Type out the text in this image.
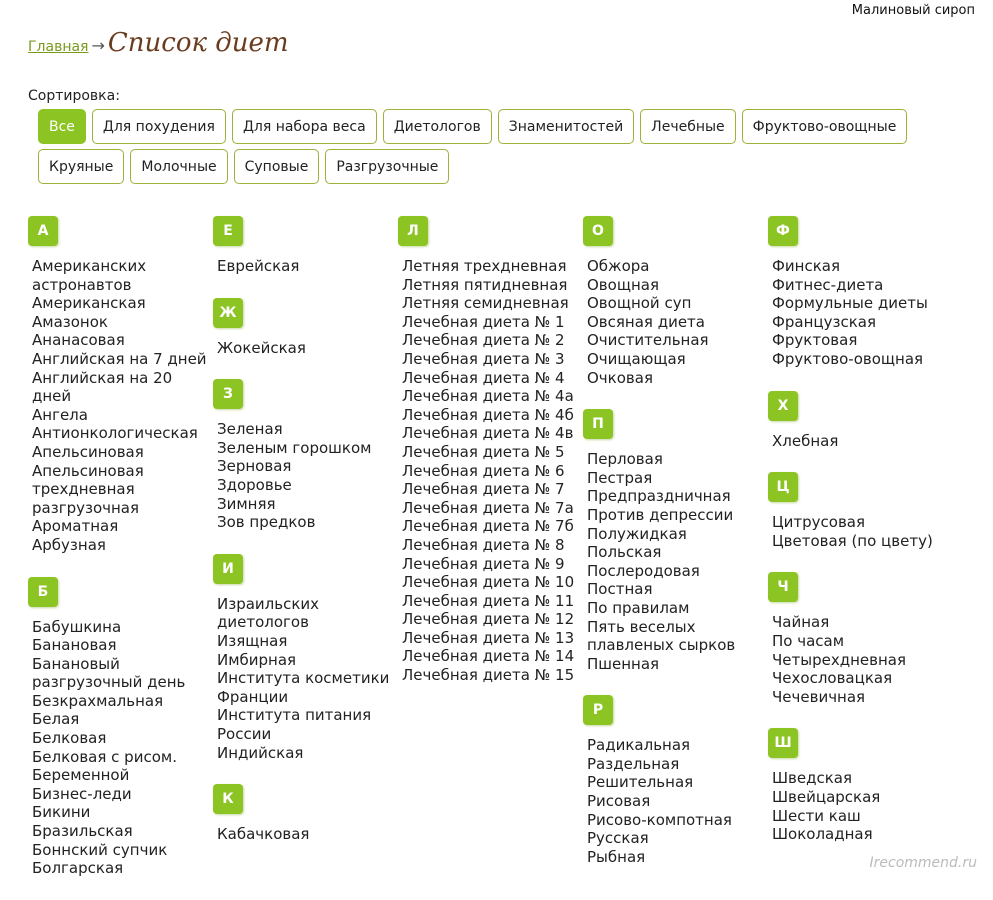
Малиновый сироп
Главная → Список диет
Сортировка:
Все	Для похудения	Для набора веса	Диетологов	Знаменитостей	Лечебные	Фруктово-овощные
Круяные	Молочные	Суповые	Разгрузочные
А
Американских астронавтов
Американская
Амазонок
Ананасовая
Английская на 7 дней
Английская на 20 дней
Ангела
Антионкологическая
Апельсиновая
Апельсиновая трехдневная разгрузочная
Ароматная
Арбузная
Б
Бабушкина
Банановая
Банановый разгрузочный день
Безкрахмальная
Белая
Белковая
Белковая с рисом.
Беременной
Бизнес-леди
Бикини
Бразильская
Боннский супчик
Болгарская
Е
Еврейская
Ж
Жокейская
З
Зеленая
Зеленым горошком
Зерновая
Здоровье
Зимняя
Зов предков
И
Израильских диетологов
Изящная
Имбирная
Института косметики Франции
Института питания России
Индийская
К
Кабачковая
Л
Летняя трехдневная
Летняя пятидневная
Летняя семидневная
Лечебная диета № 1
Лечебная диета № 2
Лечебная диета № 3
Лечебная диета № 4
Лечебная диета № 4а
Лечебная диета № 4б
Лечебная диета № 4в
Лечебная диета № 5
Лечебная диета № 6
Лечебная диета № 7
Лечебная диета № 7а
Лечебная диета № 7б
Лечебная диета № 8
Лечебная диета № 9
Лечебная диета № 10
Лечебная диета № 11
Лечебная диета № 12
Лечебная диета № 13
Лечебная диета № 14
Лечебная диета № 15
О
Обжора
Овощная
Овощной суп
Овсяная диета
Очистительная
Очищающая
Очковая
П
Перловая
Пестрая
Предпраздничная
Против депрессии
Полужидкая
Польская
Послеродовая
Постная
По правилам
Пять веселых плавленых сырков
Пшенная
Р
Радикальная
Раздельная
Решительная
Рисовая
Рисово-компотная
Русская
Рыбная
Ф
Финская
Фитнес-диета
Формульные диеты
Французская
Фруктовая
Фруктово-овощная
Х
Хлебная
Ц
Цитрусовая
Цветовая (по цвету)
Ч
Чайная
По часам
Четырехдневная
Чехословацкая
Чечевичная
Ш
Шведская
Швейцарская
Шести каш
Шоколадная
Irecommend.ru
